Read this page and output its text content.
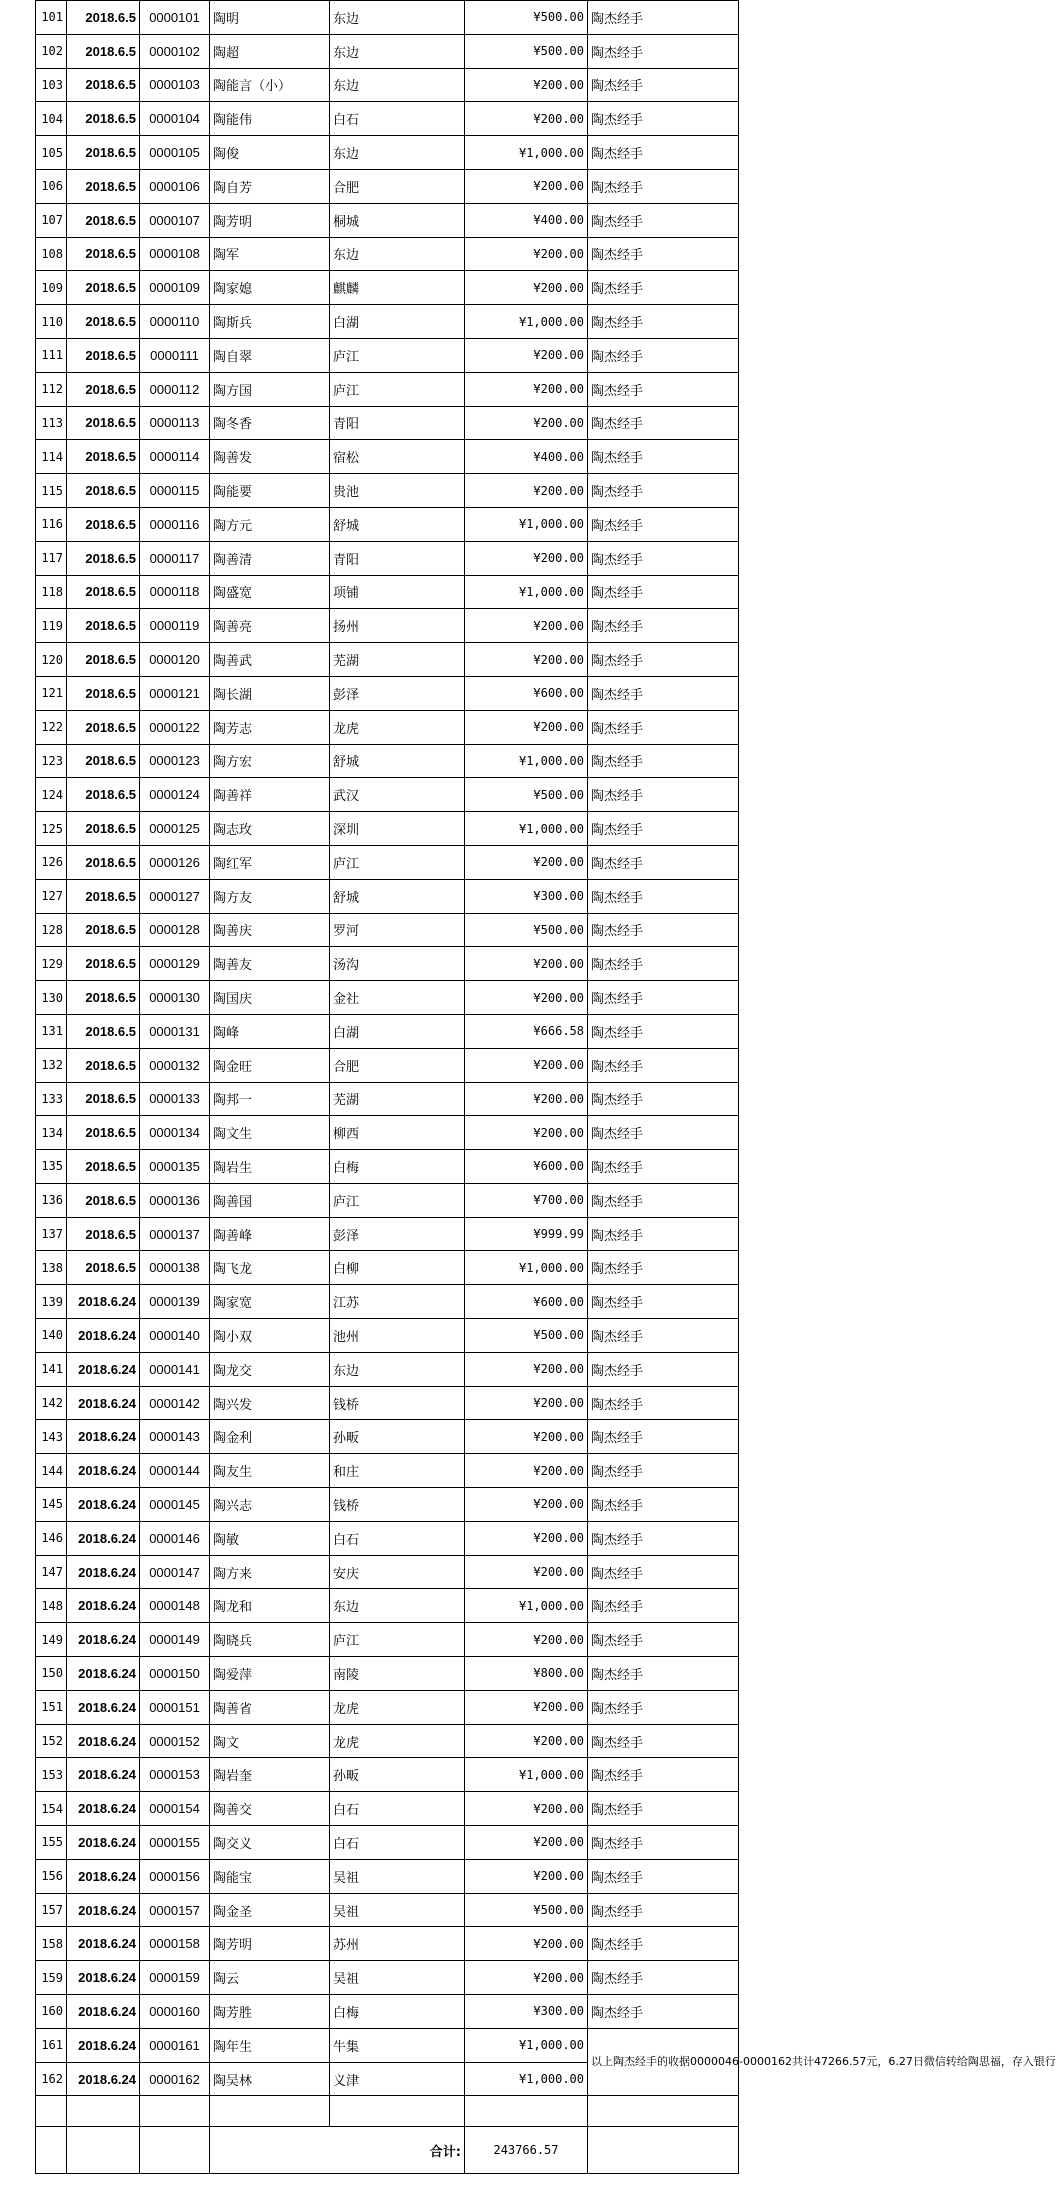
101	2018.6.5	0000101	陶明	东边	¥500.00	陶杰经手
102	2018.6.5	0000102	陶超	东边	¥500.00	陶杰经手
103	2018.6.5	0000103	陶能言（小）	东边	¥200.00	陶杰经手
104	2018.6.5	0000104	陶能伟	白石	¥200.00	陶杰经手
105	2018.6.5	0000105	陶俊	东边	¥1,000.00	陶杰经手
106	2018.6.5	0000106	陶自芳	合肥	¥200.00	陶杰经手
107	2018.6.5	0000107	陶芳明	桐城	¥400.00	陶杰经手
108	2018.6.5	0000108	陶军	东边	¥200.00	陶杰经手
109	2018.6.5	0000109	陶家媳	麒麟	¥200.00	陶杰经手
110	2018.6.5	0000110	陶斯兵	白湖	¥1,000.00	陶杰经手
111	2018.6.5	0000111	陶自翠	庐江	¥200.00	陶杰经手
112	2018.6.5	0000112	陶方国	庐江	¥200.00	陶杰经手
113	2018.6.5	0000113	陶冬香	青阳	¥200.00	陶杰经手
114	2018.6.5	0000114	陶善发	宿松	¥400.00	陶杰经手
115	2018.6.5	0000115	陶能要	贵池	¥200.00	陶杰经手
116	2018.6.5	0000116	陶方元	舒城	¥1,000.00	陶杰经手
117	2018.6.5	0000117	陶善清	青阳	¥200.00	陶杰经手
118	2018.6.5	0000118	陶盛宽	项铺	¥1,000.00	陶杰经手
119	2018.6.5	0000119	陶善亮	扬州	¥200.00	陶杰经手
120	2018.6.5	0000120	陶善武	芜湖	¥200.00	陶杰经手
121	2018.6.5	0000121	陶长湖	彭泽	¥600.00	陶杰经手
122	2018.6.5	0000122	陶芳志	龙虎	¥200.00	陶杰经手
123	2018.6.5	0000123	陶方宏	舒城	¥1,000.00	陶杰经手
124	2018.6.5	0000124	陶善祥	武汉	¥500.00	陶杰经手
125	2018.6.5	0000125	陶志玫	深圳	¥1,000.00	陶杰经手
126	2018.6.5	0000126	陶红军	庐江	¥200.00	陶杰经手
127	2018.6.5	0000127	陶方友	舒城	¥300.00	陶杰经手
128	2018.6.5	0000128	陶善庆	罗河	¥500.00	陶杰经手
129	2018.6.5	0000129	陶善友	汤沟	¥200.00	陶杰经手
130	2018.6.5	0000130	陶国庆	金社	¥200.00	陶杰经手
131	2018.6.5	0000131	陶峰	白湖	¥666.58	陶杰经手
132	2018.6.5	0000132	陶金旺	合肥	¥200.00	陶杰经手
133	2018.6.5	0000133	陶邦一	芜湖	¥200.00	陶杰经手
134	2018.6.5	0000134	陶文生	柳西	¥200.00	陶杰经手
135	2018.6.5	0000135	陶岩生	白梅	¥600.00	陶杰经手
136	2018.6.5	0000136	陶善国	庐江	¥700.00	陶杰经手
137	2018.6.5	0000137	陶善峰	彭泽	¥999.99	陶杰经手
138	2018.6.5	0000138	陶飞龙	白柳	¥1,000.00	陶杰经手
139	2018.6.24	0000139	陶家宽	江苏	¥600.00	陶杰经手
140	2018.6.24	0000140	陶小双	池州	¥500.00	陶杰经手
141	2018.6.24	0000141	陶龙交	东边	¥200.00	陶杰经手
142	2018.6.24	0000142	陶兴发	钱桥	¥200.00	陶杰经手
143	2018.6.24	0000143	陶金利	孙畈	¥200.00	陶杰经手
144	2018.6.24	0000144	陶友生	和庄	¥200.00	陶杰经手
145	2018.6.24	0000145	陶兴志	钱桥	¥200.00	陶杰经手
146	2018.6.24	0000146	陶敏	白石	¥200.00	陶杰经手
147	2018.6.24	0000147	陶方来	安庆	¥200.00	陶杰经手
148	2018.6.24	0000148	陶龙和	东边	¥1,000.00	陶杰经手
149	2018.6.24	0000149	陶晓兵	庐江	¥200.00	陶杰经手
150	2018.6.24	0000150	陶爱萍	南陵	¥800.00	陶杰经手
151	2018.6.24	0000151	陶善省	龙虎	¥200.00	陶杰经手
152	2018.6.24	0000152	陶文	龙虎	¥200.00	陶杰经手
153	2018.6.24	0000153	陶岩奎	孙畈	¥1,000.00	陶杰经手
154	2018.6.24	0000154	陶善交	白石	¥200.00	陶杰经手
155	2018.6.24	0000155	陶交义	白石	¥200.00	陶杰经手
156	2018.6.24	0000156	陶能宝	吴祖	¥200.00	陶杰经手
157	2018.6.24	0000157	陶金圣	吴祖	¥500.00	陶杰经手
158	2018.6.24	0000158	陶芳明	苏州	¥200.00	陶杰经手
159	2018.6.24	0000159	陶云	吴祖	¥200.00	陶杰经手
160	2018.6.24	0000160	陶芳胜	白梅	¥300.00	陶杰经手
161	2018.6.24	0000161	陶年生	牛集	¥1,000.00	以上陶杰经手的收据0000046-0000162共计47266.57元，6.27日微信转给陶思福，存入银行
162	2018.6.24	0000162	陶吴林	义津	¥1,000.00	

			合计:		243766.57	
